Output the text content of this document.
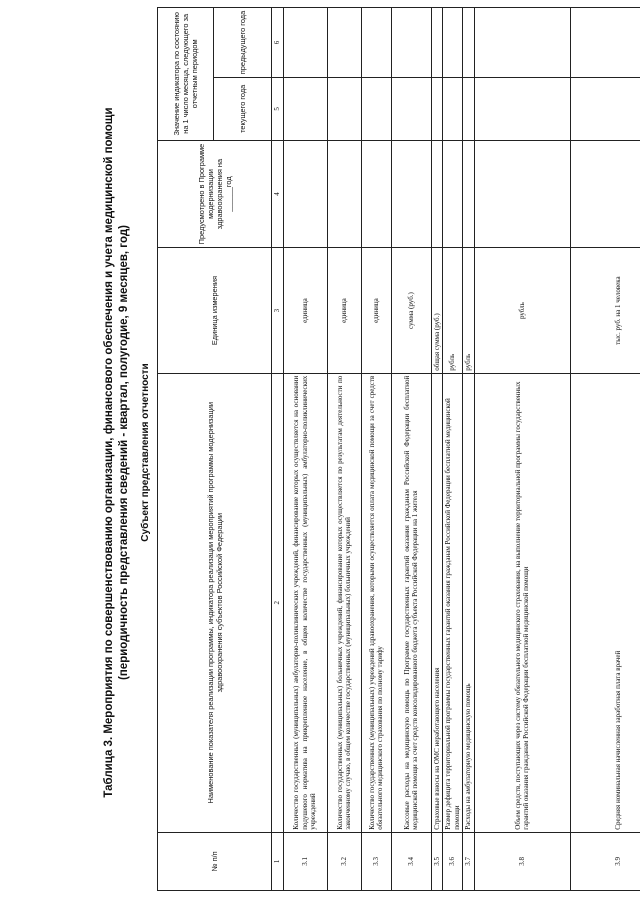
Таблица 3. Мероприятия по совершенствованию организации, финансового обеспечения и учета медицинской помощи (периодичность представления сведений - квартал, полугодие, 9 месяцев, год) Субъект представления отчетности
№ п/п	Наименование показателя реализации программы, индикатора реализации мероприятий программы модернизации здравоохранения субъектов Российской Федерации	Единица измерения	Предусмотрено в Программе модернизации здравоохранения на ______год	Значение индикатора по состоянию на 1 число месяца, следующего за отчетным периодом	
				текущего года	предыдущего года
1	2	3	4	5	6
3.1	Количество государственных (муниципальных) амбулаторно-поликлинических учреждений, финансирование которых осуществляется на основании подушевого норматива на прикрепленное население, в общем количестве государственных (муниципальных) амбулаторно-поликлинических учреждений	единица			
3.2	Количество государственных (муниципальных) больничных учреждений, финансирование которых осуществляется по результатам деятельности по законченному случаю, в общем количестве государственных (муниципальных) больничных учреждений	единица			
3.3	Количество государственных (муниципальных) учреждений здравоохранения, которыми осуществляется оплата медицинской помощи за счет средств обязательного медицинского страхования по полному тарифу	единица			
3.4	Кассовые расходы на медицинскую помощь по Программе государственных гарантий оказания гражданам Российской Федерации бесплатной медицинской помощи за счет средств консолидированного бюджета субъекта Российской Федерации на 1 жителя	сумма (руб.)			
3.5	Страховые взносы на ОМС неработающего населения	общая сумма (руб.)			
3.6	Размер дефицита территориальной программы государственных гарантий оказания гражданам Российской Федерации бесплатной медицинской помощи	рубль			
3.7	Расходы на амбулаторную медицинскую помощь	рубль			
3.8	Объем средств, поступающих через систему обязательного медицинского страхования, на выполнение территориальной программы государственных гарантий оказания гражданам Российской Федерации бесплатной медицинской помощи	рубль			
3.9	Средняя номинальная начисленная заработная плата врачей	тыс. руб. на 1 человека			
